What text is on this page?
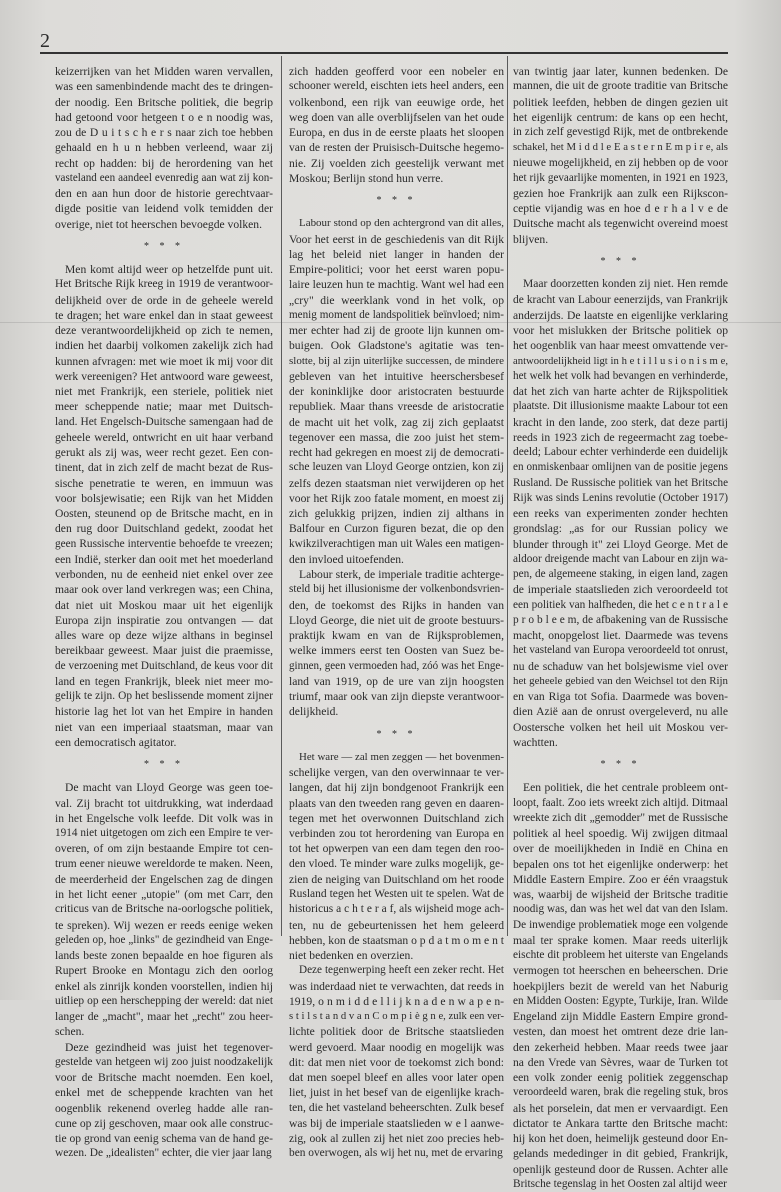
2
keizerrijken van het Midden waren vervallen,
was een samenbindende macht des te dringen-
der noodig. Een Britsche politiek, die begrip
had getoond voor hetgeen t o e n noodig was,
zou de D u i t s c h e r s naar zich toe hebben
gehaald en h u n hebben verleend, waar zij
recht op hadden: bij de herordening van het
vasteland een aandeel evenredig aan wat zij kon-
den en aan hun door de historie gerechtvaar-
digde positie van leidend volk temidden der
overige, niet tot heerschen bevoegde volken.
* * *
Men komt altijd weer op hetzelfde punt uit.
Het Britsche Rijk kreeg in 1919 de verantwoor-
delijkheid over de orde in de geheele wereld
te dragen; het ware enkel dan in staat geweest
deze verantwoordelijkheid op zich te nemen,
indien het daarbij volkomen zakelijk zich had
kunnen afvragen: met wie moet ik mij voor dit
werk vereenigen? Het antwoord ware geweest,
niet met Frankrijk, een steriele, politiek niet
meer scheppende natie; maar met Duitsch-
land. Het Engelsch-Duitsche samengaan had de
geheele wereld, ontwricht en uit haar verband
gerukt als zij was, weer recht gezet. Een con-
tinent, dat in zich zelf de macht bezat de Rus-
sische penetratie te weren, en immuun was
voor bolsjewisatie; een Rijk van het Midden
Oosten, steunend op de Britsche macht, en in
den rug door Duitschland gedekt, zoodat het
geen Russische interventie behoefde te vreezen;
een Indië, sterker dan ooit met het moederland
verbonden, nu de eenheid niet enkel over zee
maar ook over land verkregen was; een China,
dat niet uit Moskou maar uit het eigenlijk
Europa zijn inspiratie zou ontvangen — dat
alles ware op deze wijze althans in beginsel
bereikbaar geweest. Maar juist die praemisse,
de verzoening met Duitschland, de keus voor dit
land en tegen Frankrijk, bleek niet meer mo-
gelijk te zijn. Op het beslissende moment zijner
historie lag het lot van het Empire in handen
niet van een imperiaal staatsman, maar van
een democratisch agitator.
* * *
De macht van Lloyd George was geen toe-
val. Zij bracht tot uitdrukking, wat inderdaad
in het Engelsche volk leefde. Dit volk was in
1914 niet uitgetogen om zich een Empire te ver-
overen, of om zijn bestaande Empire tot cen-
trum eener nieuwe wereldorde te maken. Neen,
de meerderheid der Engelschen zag de dingen
in het licht eener „utopie" (om met Carr, den
criticus van de Britsche na-oorlogsche politiek,
te spreken). Wij wezen er reeds eenige weken
geleden op, hoe „links" de gezindheid van Enge-
lands beste zonen bepaalde en hoe figuren als
Rupert Brooke en Montagu zich den oorlog
enkel als zinrijk konden voorstellen, indien hij
uitliep op een herschepping der wereld: dat niet
langer de „macht", maar het „recht" zou heer-
schen.
Deze gezindheid was juist het tegenover-
gestelde van hetgeen wij zoo juist noodzakelijk
voor de Britsche macht noemden. Een koel,
enkel met de scheppende krachten van het
oogenblik rekenend overleg hadde alle ran-
cune op zij geschoven, maar ook alle construc-
tie op grond van eenig schema van de hand ge-
wezen. De „idealisten" echter, die vier jaar lang
zich hadden geofferd voor een nobeler en
schooner wereld, eischten iets heel anders, een
volkenbond, een rijk van eeuwige orde, het
weg doen van alle overblijfselen van het oude
Europa, en dus in de eerste plaats het sloopen
van de resten der Pruisisch-Duitsche hegemo-
nie. Zij voelden zich geestelijk verwant met
Moskou; Berlijn stond hun verre.
* * *
Labour stond op den achtergrond van dit alles,
Voor het eerst in de geschiedenis van dit Rijk
lag het beleid niet langer in handen der
Empire-politici; voor het eerst waren popu-
laire leuzen hun te machtig. Want wel had een
„cry" die weerklank vond in het volk, op
menig moment de landspolitiek beïnvloed; nim-
mer echter had zij de groote lijn kunnen om-
buigen. Ook Gladstone's agitatie was ten-
slotte, bij al zijn uiterlijke successen, de mindere
gebleven van het intuitive heerschersbesef
der koninklijke door aristocraten bestuurde
republiek. Maar thans vreesde de aristocratie
de macht uit het volk, zag zij zich geplaatst
tegenover een massa, die zoo juist het stem-
recht had gekregen en moest zij de democrati-
sche leuzen van Lloyd George ontzien, kon zij
zelfs dezen staatsman niet verwijderen op het
voor het Rijk zoo fatale moment, en moest zij
zich gelukkig prijzen, indien zij althans in
Balfour en Curzon figuren bezat, die op den
kwikzilverachtigen man uit Wales een matigen-
den invloed uitoefenden.
Labour sterk, de imperiale traditie achterge-
steld bij het illusionisme der volkenbondsvrien-
den, de toekomst des Rijks in handen van
Lloyd George, die niet uit de groote bestuurs-
praktijk kwam en van de Rijksproblemen,
welke immers eerst ten Oosten van Suez be-
ginnen, geen vermoeden had, zóó was het Enge-
land van 1919, op de ure van zijn hoogsten
triumf, maar ook van zijn diepste verantwoor-
delijkheid.
* * *
Het ware — zal men zeggen — het bovenmen-
schelijke vergen, van den overwinnaar te ver-
langen, dat hij zijn bondgenoot Frankrijk een
plaats van den tweeden rang geven en daaren-
tegen met het overwonnen Duitschland zich
verbinden zou tot herordening van Europa en
tot het opwerpen van een dam tegen den roo-
den vloed. Te minder ware zulks mogelijk, ge-
zien de neiging van Duitschland om het roode
Rusland tegen het Westen uit te spelen. Wat de
historicus a c h t e r a f, als wijsheid moge ach-
ten, nu de gebeurtenissen het hem geleerd
hebben, kon de staatsman o p d a t m o m e n t
niet bedenken en overzien.
Deze tegenwerping heeft een zeker recht. Het
was inderdaad niet te verwachten, dat reeds in
1919, o n m i d d e l l i j k n a d e n w a p e n-
s t i l s t a n d v a n C o m p i è g n e, zulk een ver-
lichte politiek door de Britsche staatslieden
werd gevoerd. Maar noodig en mogelijk was
dit: dat men niet voor de toekomst zich bond:
dat men soepel bleef en alles voor later open
liet, juist in het besef van de eigenlijke krach-
ten, die het vasteland beheerschten. Zulk besef
was bij de imperiale staatslieden w e l aanwe-
zig, ook al zullen zij het niet zoo precies heb-
ben overwogen, als wij het nu, met de ervaring
van twintig jaar later, kunnen bedenken. De
mannen, die uit de groote traditie van Britsche
politiek leefden, hebben de dingen gezien uit
het eigenlijk centrum: de kans op een hecht,
in zich zelf gevestigd Rijk, met de ontbrekende
schakel, het M i d d l e E a s t e r n E m p i r e, als
nieuwe mogelijkheid, en zij hebben op de voor
het rijk gevaarlijke momenten, in 1921 en 1923,
gezien hoe Frankrijk aan zulk een Rijkscon-
ceptie vijandig was en hoe d e r h a l v e de
Duitsche macht als tegenwicht overeind moest
blijven.
* * *
Maar doorzetten konden zij niet. Hen remde
de kracht van Labour eenerzijds, van Frankrijk
anderzijds. De laatste en eigenlijke verklaring
voor het mislukken der Britsche politiek op
het oogenblik van haar meest omvattende ver-
antwoordelijkheid ligt in h e t i l l u s i o n i s m e,
het welk het volk had bevangen en verhinderde,
dat het zich van harte achter de Rijkspolitiek
plaatste. Dit illusionisme maakte Labour tot een
kracht in den lande, zoo sterk, dat deze partij
reeds in 1923 zich de regeermacht zag toebe-
deeld; Labour echter verhinderde een duidelijk
en onmiskenbaar omlijnen van de positie jegens
Rusland. De Russische politiek van het Britsche
Rijk was sinds Lenins revolutie (October 1917)
een reeks van experimenten zonder hechten
grondslag: „as for our Russian policy we
blunder through it" zei Lloyd George. Met de
aldoor dreigende macht van Labour en zijn wa-
pen, de algemeene staking, in eigen land, zagen
de imperiale staatslieden zich veroordeeld tot
een politiek van halfheden, die het c e n t r a l e
p r o b l e e m, de afbakening van de Russische
macht, onopgelost liet. Daarmede was tevens
het vasteland van Europa veroordeeld tot onrust,
nu de schaduw van het bolsjewisme viel over
het geheele gebied van den Weichsel tot den Rijn
en van Riga tot Sofia. Daarmede was boven-
dien Azië aan de onrust overgeleverd, nu alle
Oostersche volken het heil uit Moskou ver-
wachtten.
* * *
Een politiek, die het centrale probleem ont-
loopt, faalt. Zoo iets wreekt zich altijd. Ditmaal
wreekte zich dit „gemodder" met de Russische
politiek al heel spoedig. Wij zwijgen ditmaal
over de moeilijkheden in Indië en China en
bepalen ons tot het eigenlijke onderwerp: het
Middle Eastern Empire. Zoo er één vraagstuk
was, waarbij de wijsheid der Britsche traditie
noodig was, dan was het wel dat van den Islam.
De inwendige problematiek moge een volgende
maal ter sprake komen. Maar reeds uiterlijk
eischte dit probleem het uiterste van Engelands
vermogen tot heerschen en beheerschen. Drie
hoekpijlers bezit de wereld van het Naburig
en Midden Oosten: Egypte, Turkije, Iran. Wilde
Engeland zijn Middle Eastern Empire grond-
vesten, dan moest het omtrent deze drie lan-
den zekerheid hebben. Maar reeds twee jaar
na den Vrede van Sèvres, waar de Turken tot
een volk zonder eenig politiek zeggenschap
veroordeeld waren, brak die regeling stuk, bros
als het porselein, dat men er vervaardigt. Een
dictator te Ankara tartte den Britsche macht:
hij kon het doen, heimelijk gesteund door En-
gelands mededinger in dit gebied, Frankrijk,
openlijk gesteund door de Russen. Achter alle
Britsche tegenslag in het Oosten zal altijd weer
